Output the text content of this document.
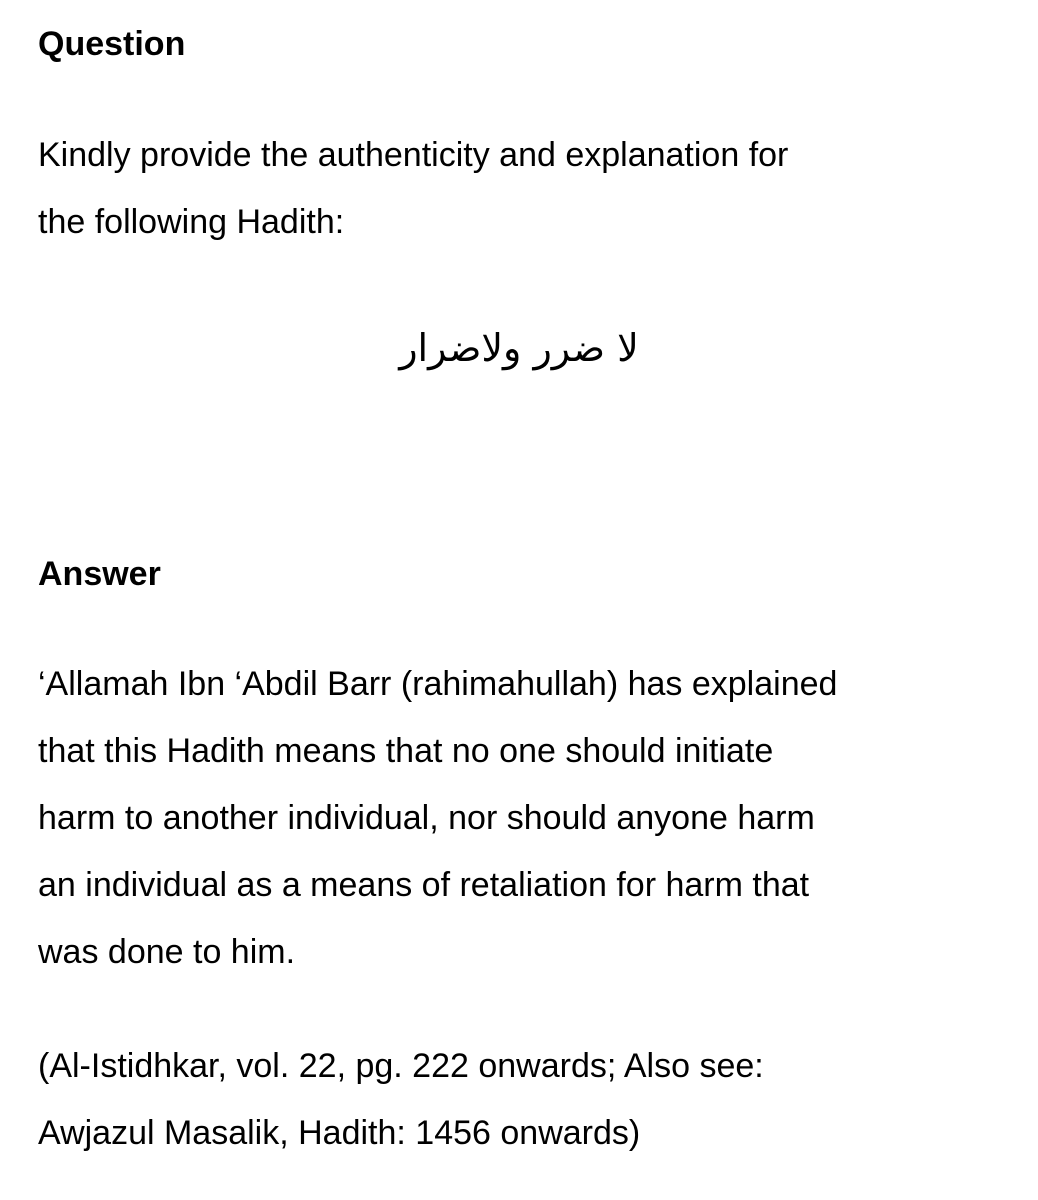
Question

Kindly provide the authenticity and explanation for
the following Hadith:

لا ضرر ولاضرار

Answer

‘Allamah Ibn ‘Abdil Barr (rahimahullah) has explained
that this Hadith means that no one should initiate
harm to another individual, nor should anyone harm
an individual as a means of retaliation for harm that
was done to him.

(Al-Istidhkar, vol. 22, pg. 222 onwards; Also see:
Awjazul Masalik, Hadith: 1456 onwards)
